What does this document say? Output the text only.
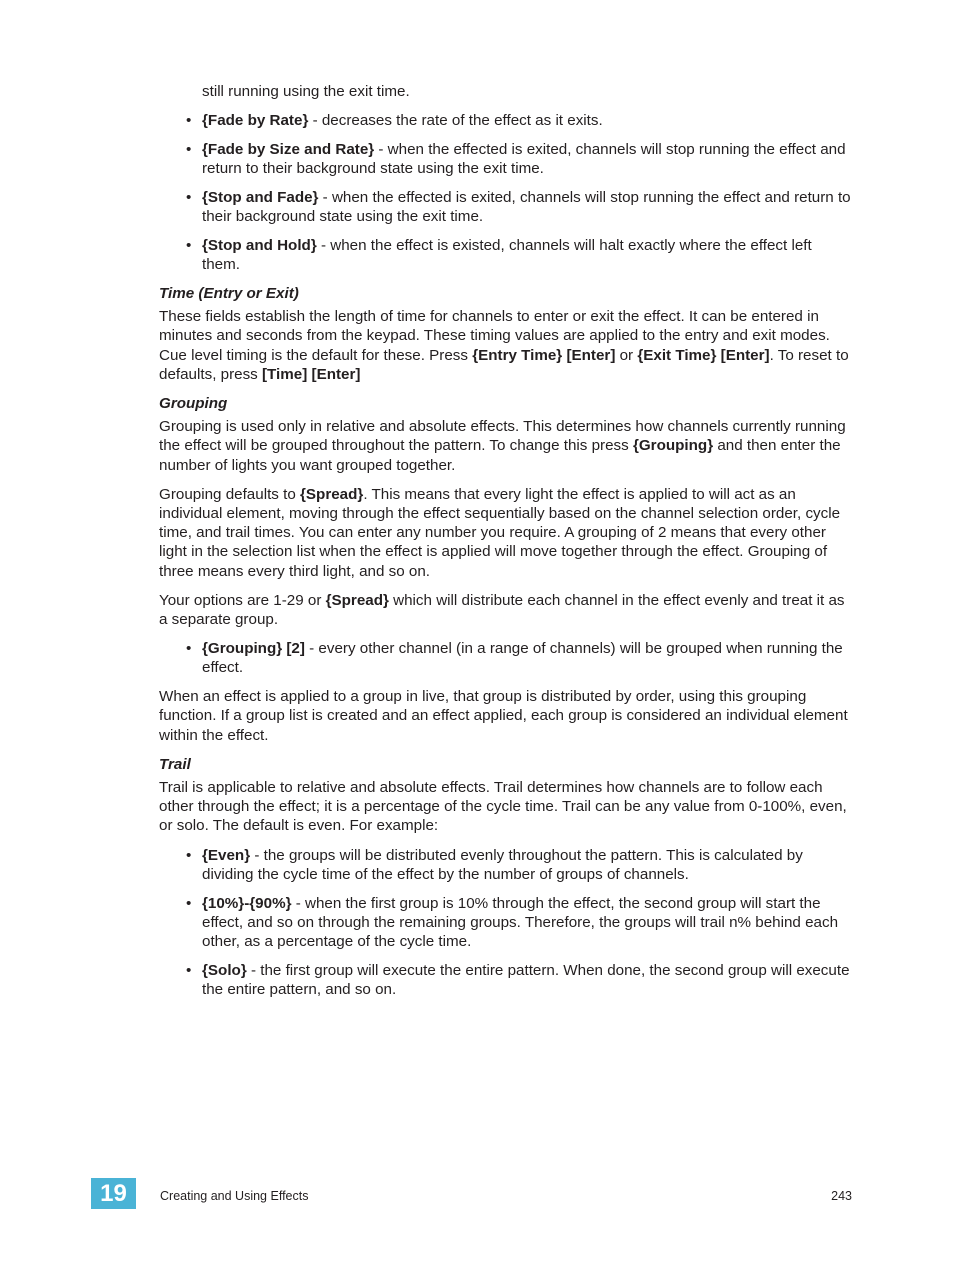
still running using the exit time.

• {Fade by Rate} - decreases the rate of the effect as it exits.
• {Fade by Size and Rate} - when the effected is exited, channels will stop running the effect and return to their background state using the exit time.
• {Stop and Fade} - when the effected is exited, channels will stop running the effect and return to their background state using the exit time.
• {Stop and Hold} - when the effect is existed, channels will halt exactly where the effect left them.
Time (Entry or Exit)

These fields establish the length of time for channels to enter or exit the effect. It can be entered in minutes and seconds from the keypad. These timing values are applied to the entry and exit modes. Cue level timing is the default for these. Press {Entry Time} [Enter] or {Exit Time} [Enter]. To reset to defaults, press [Time] [Enter]

Grouping

Grouping is used only in relative and absolute effects. This determines how channels currently running the effect will be grouped throughout the pattern. To change this press {Grouping} and then enter the number of lights you want grouped together.

Grouping defaults to {Spread}. This means that every light the effect is applied to will act as an individual element, moving through the effect sequentially based on the channel selection order, cycle time, and trail times. You can enter any number you require. A grouping of 2 means that every other light in the selection list when the effect is applied will move together through the effect. Grouping of three means every third light, and so on.

Your options are 1-29 or {Spread} which will distribute each channel in the effect evenly and treat it as a separate group.

• {Grouping} [2] - every other channel (in a range of channels) will be grouped when running the effect.

When an effect is applied to a group in live, that group is distributed by order, using this grouping function. If a group list is created and an effect applied, each group is considered an individual element within the effect.

Trail

Trail is applicable to relative and absolute effects. Trail determines how channels are to follow each other through the effect; it is a percentage of the cycle time. Trail can be any value from 0-100%, even, or solo. The default is even. For example:

• {Even} - the groups will be distributed evenly throughout the pattern. This is calculated by dividing the cycle time of the effect by the number of groups of channels.
• {10%}-{90%} - when the first group is 10% through the effect, the second group will start the effect, and so on through the remaining groups. Therefore, the groups will trail n% behind each other, as a percentage of the cycle time.
• {Solo} - the first group will execute the entire pattern. When done, the second group will execute the entire pattern, and so on.
19	Creating and Using Effects	243
